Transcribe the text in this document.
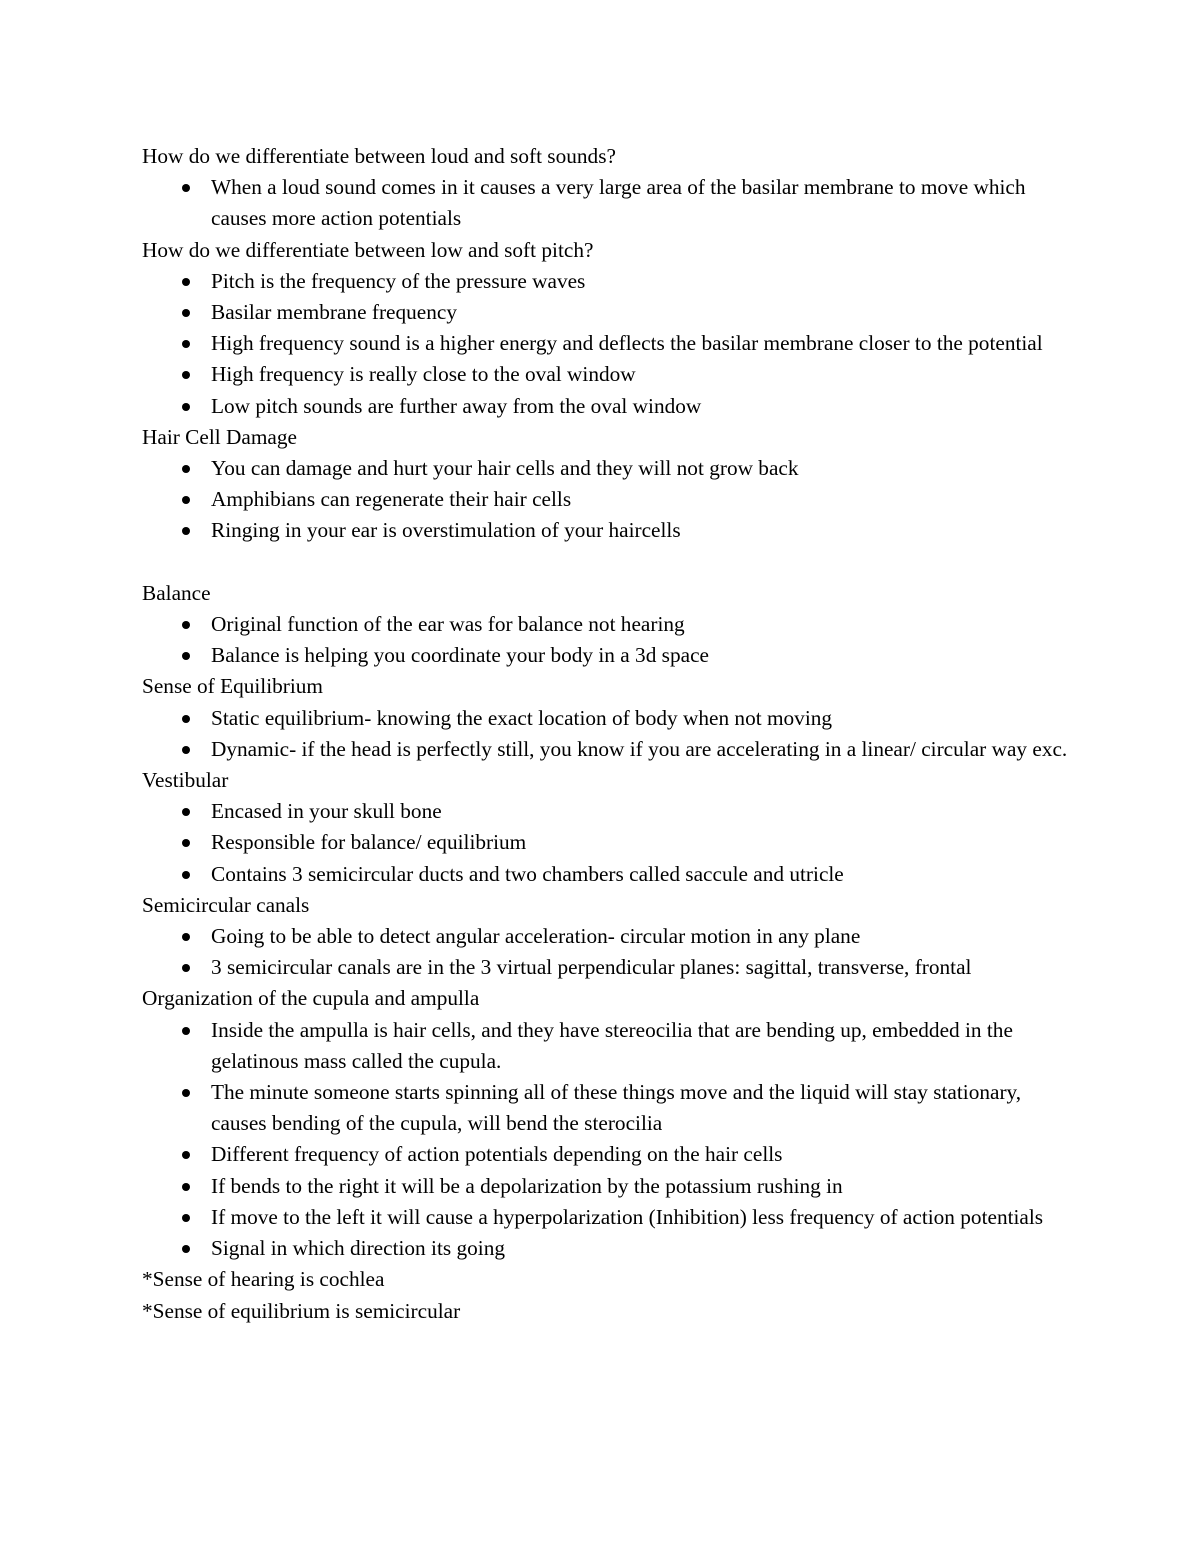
How do we differentiate between loud and soft sounds?
When a loud sound comes in it causes a very large area of the basilar membrane to move which causes more action potentials
How do we differentiate between low and soft pitch?
Pitch is the frequency of the pressure waves
Basilar membrane frequency
High frequency sound is a higher energy and deflects the basilar membrane closer to the potential
High frequency is really close to the oval window
Low pitch sounds are further away from the oval window
Hair Cell Damage
You can damage and hurt your hair cells and they will not grow back
Amphibians can regenerate their hair cells
Ringing in your ear is overstimulation of your haircells
Balance
Original function of the ear was for balance not hearing
Balance is helping you coordinate your body in a 3d space
Sense of Equilibrium
Static equilibrium- knowing the exact location of body when not moving
Dynamic- if the head is perfectly still, you know if you are accelerating in a linear/ circular way exc.
Vestibular
Encased in your skull bone
Responsible for balance/ equilibrium
Contains 3 semicircular ducts and two chambers called saccule and utricle
Semicircular canals
Going to be able to detect angular acceleration- circular motion in any plane
3 semicircular canals are in the 3 virtual perpendicular planes: sagittal, transverse, frontal
Organization of the cupula and ampulla
Inside the ampulla is hair cells, and they have stereocilia that are bending up, embedded in the gelatinous mass called the cupula.
The minute someone starts spinning all of these things move and the liquid will stay stationary, causes bending of the cupula, will bend the sterocilia
Different frequency of action potentials depending on the hair cells
If bends to the right it will be a depolarization by the potassium rushing in
If move to the left it will cause a hyperpolarization (Inhibition) less frequency of action potentials
Signal in which direction its going
*Sense of hearing is cochlea
*Sense of equilibrium is semicircular
